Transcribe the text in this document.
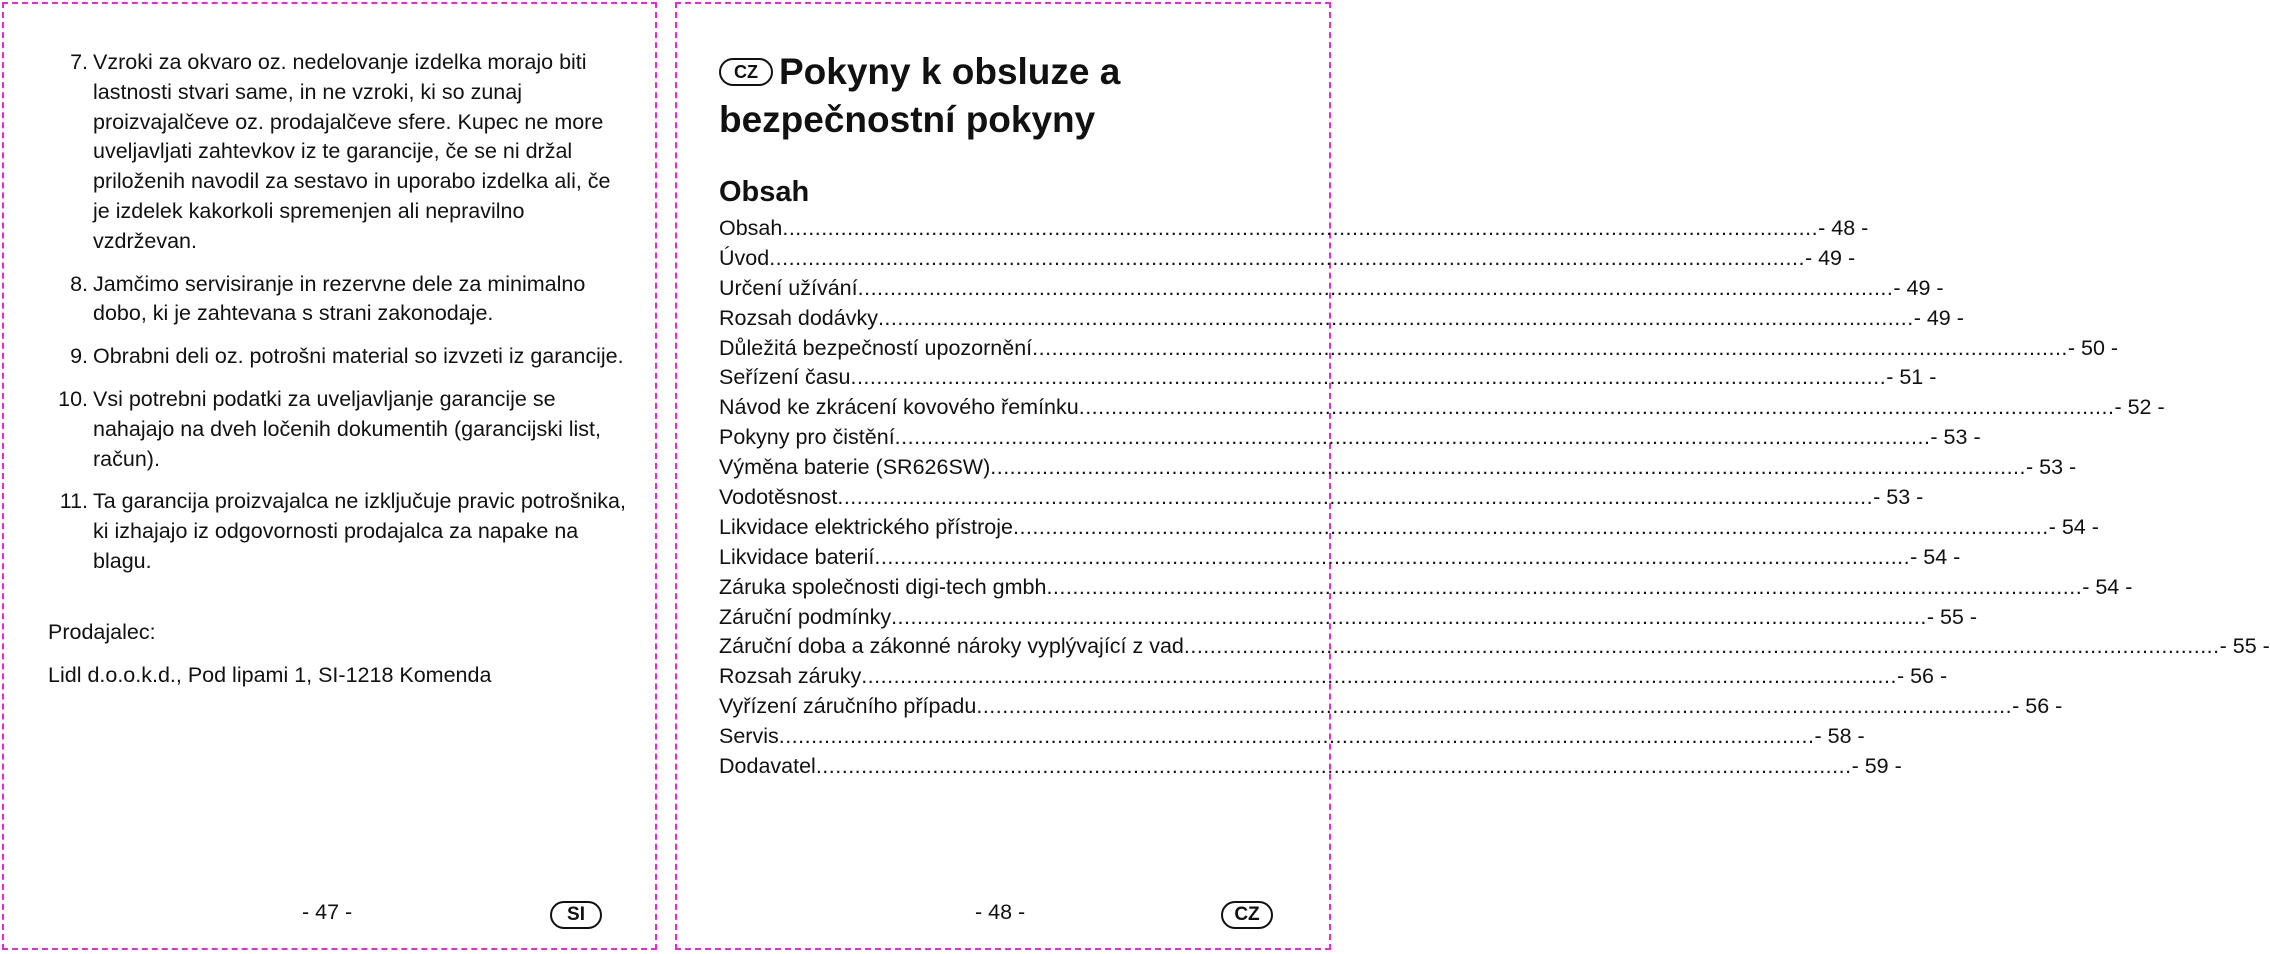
7. Vzroki za okvaro oz. nedelovanje izdelka morajo biti lastnosti stvari same, in ne vzroki, ki so zunaj proizvajalčeve oz. prodajalčeve sfere. Kupec ne more uveljavljati zahtevkov iz te garancije, če se ni držal priloženih navodil za sestavo in uporabo izdelka ali, če je izdelek kakorkoli spremenjen ali nepravilno vzdrževan.
8. Jamčimo servisiranje in rezervne dele za minimalno dobo, ki je zahtevana s strani zakonodaje.
9. Obrabni deli oz. potrošni material so izvzeti iz garancije.
10. Vsi potrebni podatki za uveljavljanje garancije se nahajajo na dveh ločenih dokumentih (garancijski list, račun).
11. Ta garancija proizvajalca ne izključuje pravic potrošnika, ki izhajajo iz odgovornosti prodajalca za napake na blagu.
Prodajalec:
Lidl d.o.o.k.d., Pod lipami 1, SI-1218 Komenda
- 47 -	SI
CZ Pokyny k obsluze a bezpečnostní pokyny
Obsah
Obsah ................................................................................................................................................................ - 48 -
Úvod ................................................................................................................................................................ - 49 -
Určení užívání ................................................................................................................................................................ - 49 -
Rozsah dodávky ................................................................................................................................................................ - 49 -
Důležitá bezpečností upozornění ................................................................................................................................................................ - 50 -
Seřízení času ................................................................................................................................................................ - 51 -
Návod ke zkrácení kovového řemínku ................................................................................................................................................................ - 52 -
Pokyny pro čistění ................................................................................................................................................................ - 53 -
Výměna baterie (SR626SW) ................................................................................................................................................................ - 53 -
Vodotěsnost ................................................................................................................................................................ - 53 -
Likvidace elektrického přístroje ................................................................................................................................................................ - 54 -
Likvidace baterií ................................................................................................................................................................ - 54 -
Záruka společnosti digi-tech gmbh ................................................................................................................................................................ - 54 -
Záruční podmínky ................................................................................................................................................................ - 55 -
Záruční doba a zákonné nároky vyplývající z vad ................................................................................................................................................................ - 55 -
Rozsah záruky ................................................................................................................................................................ - 56 -
Vyřízení záručního případu ................................................................................................................................................................ - 56 -
Servis ................................................................................................................................................................ - 58 -
Dodavatel ................................................................................................................................................................ - 59 -
- 48 -	CZ
